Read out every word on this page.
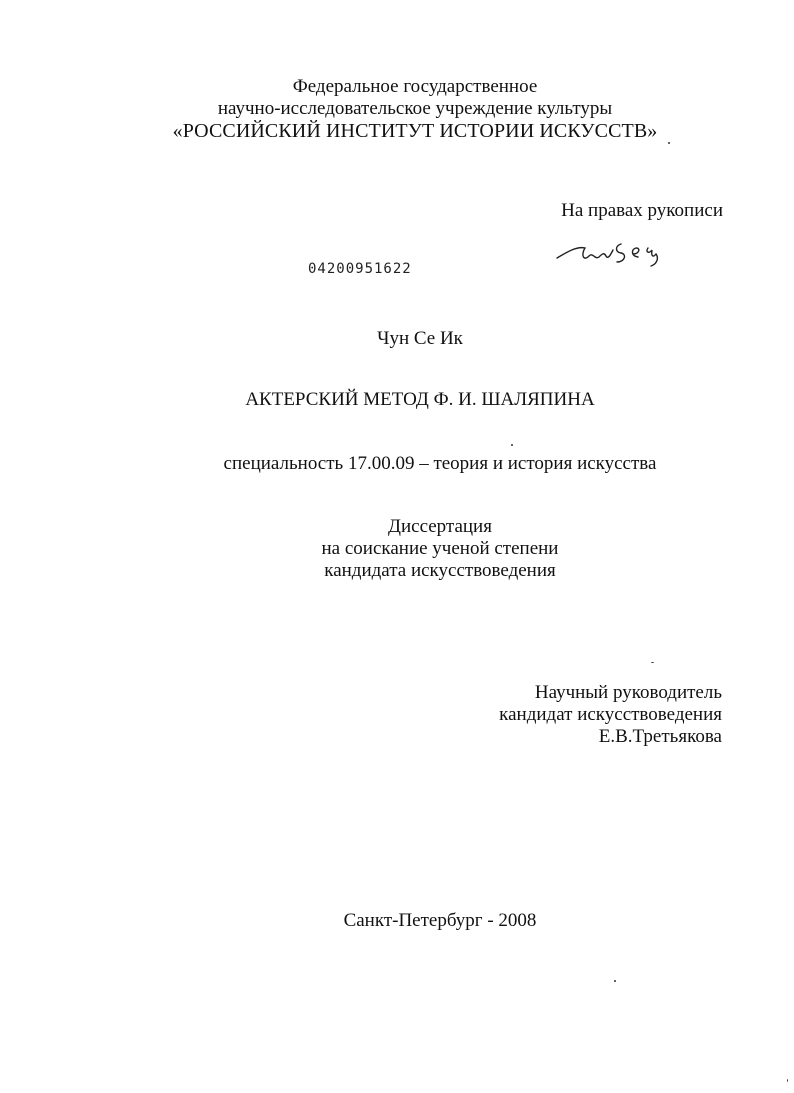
Федеральное государственное
научно-исследовательское учреждение культуры
«РОССИЙСКИЙ ИНСТИТУТ ИСТОРИИ ИСКУССТВ»
На правах рукописи
04200951622
Чун Се Ик
АКТЕРСКИЙ МЕТОД Ф. И. ШАЛЯПИНА
специальность 17.00.09 – теория и история искусства
Диссертация
на соискание ученой степени
кандидата искусствоведения
Научный руководитель
кандидат искусствоведения
Е.В.Третьякова
Санкт-Петербург - 2008
